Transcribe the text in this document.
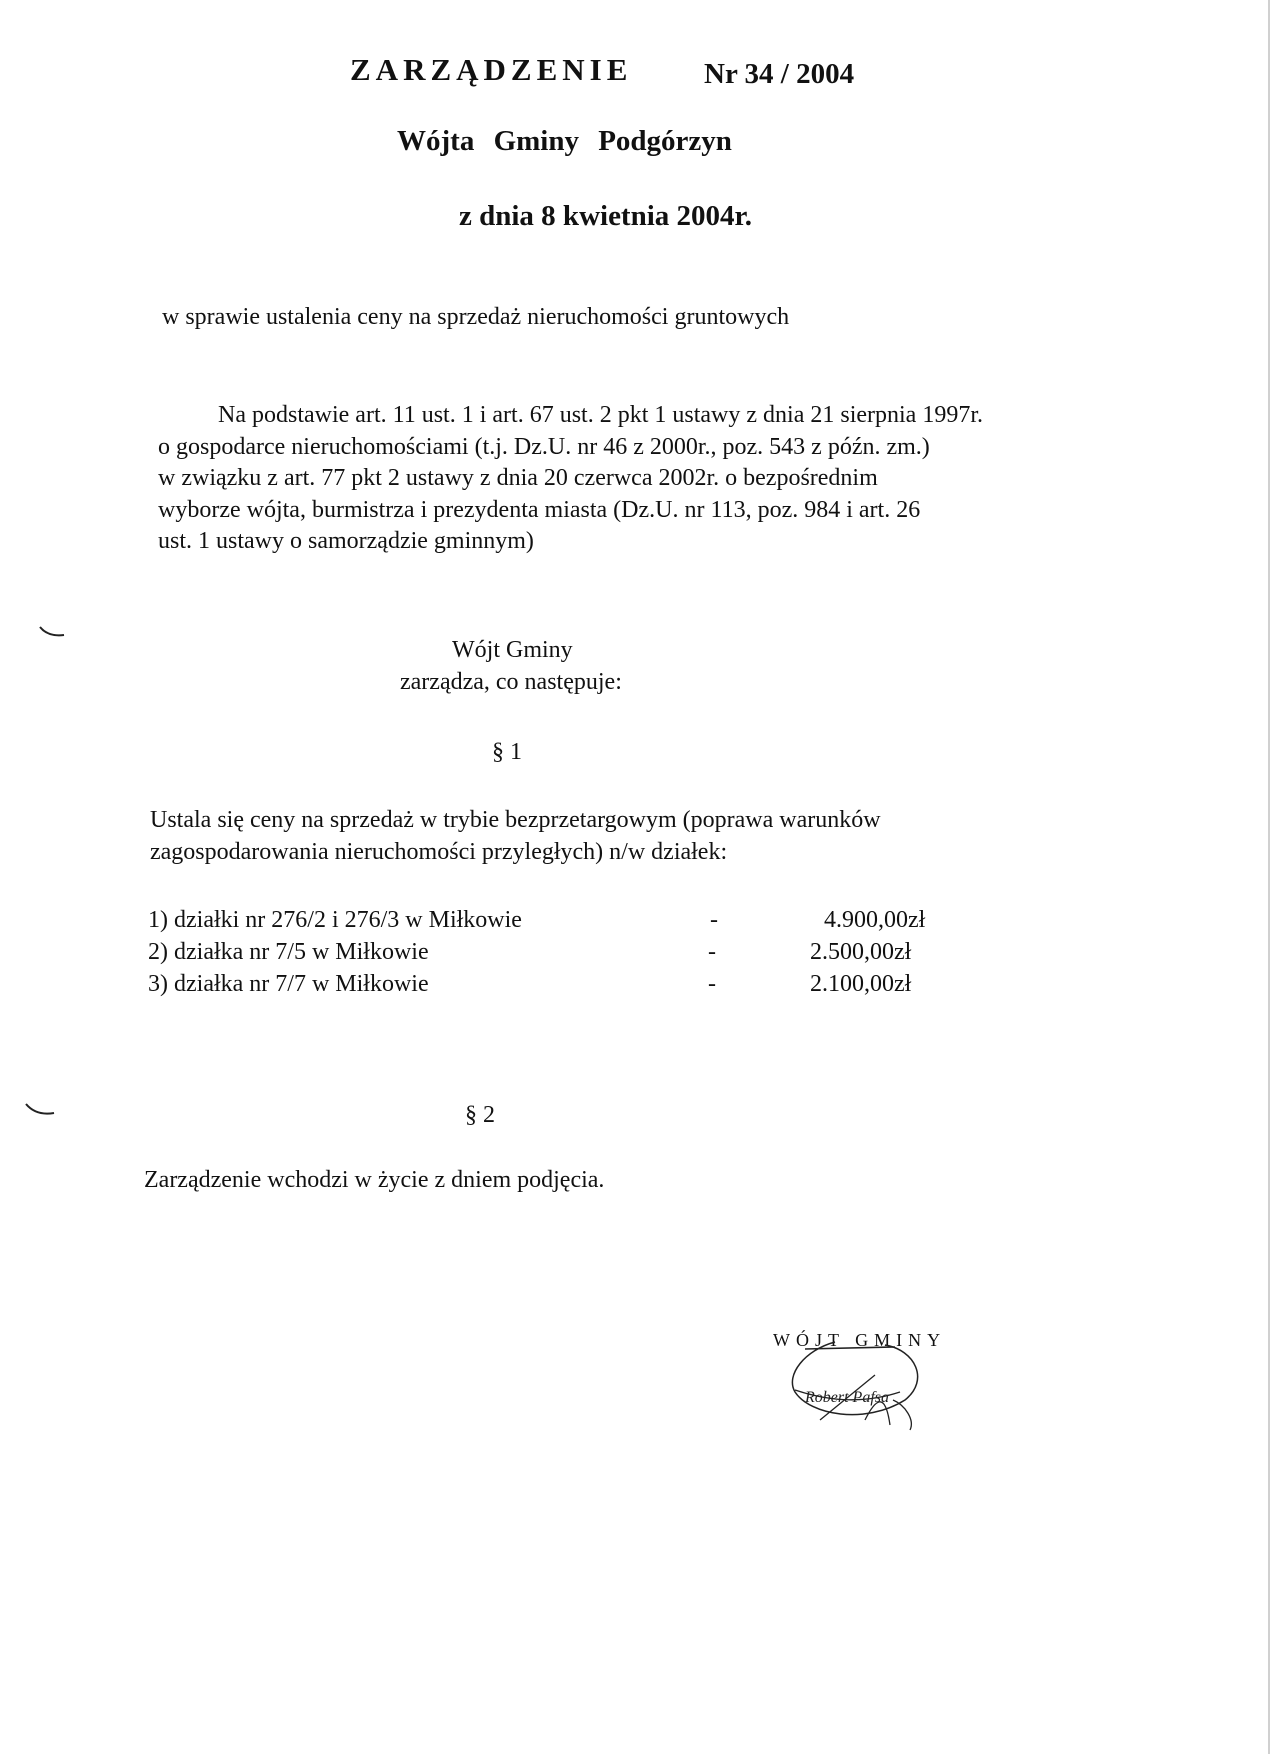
ZARZĄDZENIE Nr 34 / 2004
Wójta Gminy Podgórzyn
z dnia 8 kwietnia 2004r.
w sprawie ustalenia ceny na sprzedaż nieruchomości gruntowych
Na podstawie art. 11 ust. 1 i art. 67 ust. 2 pkt 1 ustawy z dnia 21 sierpnia 1997r.
o gospodarce nieruchomościami (t.j. Dz.U. nr 46 z 2000r., poz. 543 z późn. zm.)
w związku z art. 77 pkt 2 ustawy z dnia 20 czerwca 2002r. o bezpośrednim
wyborze wójta, burmistrza i prezydenta miasta (Dz.U. nr 113, poz. 984 i art. 26
ust. 1 ustawy o samorządzie gminnym)
Wójt Gminy
zarządza, co następuje:
§ 1
Ustala się ceny na sprzedaż w trybie bezprzetargowym (poprawa warunków
zagospodarowania nieruchomości przyległych) n/w działek:
1) działki nr 276/2 i 276/3 w Miłkowie	-	4.900,00zł
2) działka nr 7/5 w Miłkowie	-	2.500,00zł
3) działka nr 7/7 w Miłkowie	-	2.100,00zł
§ 2
Zarządzenie wchodzi w życie z dniem podjęcia.
WÓJT GMINY
Robert Pafsa
